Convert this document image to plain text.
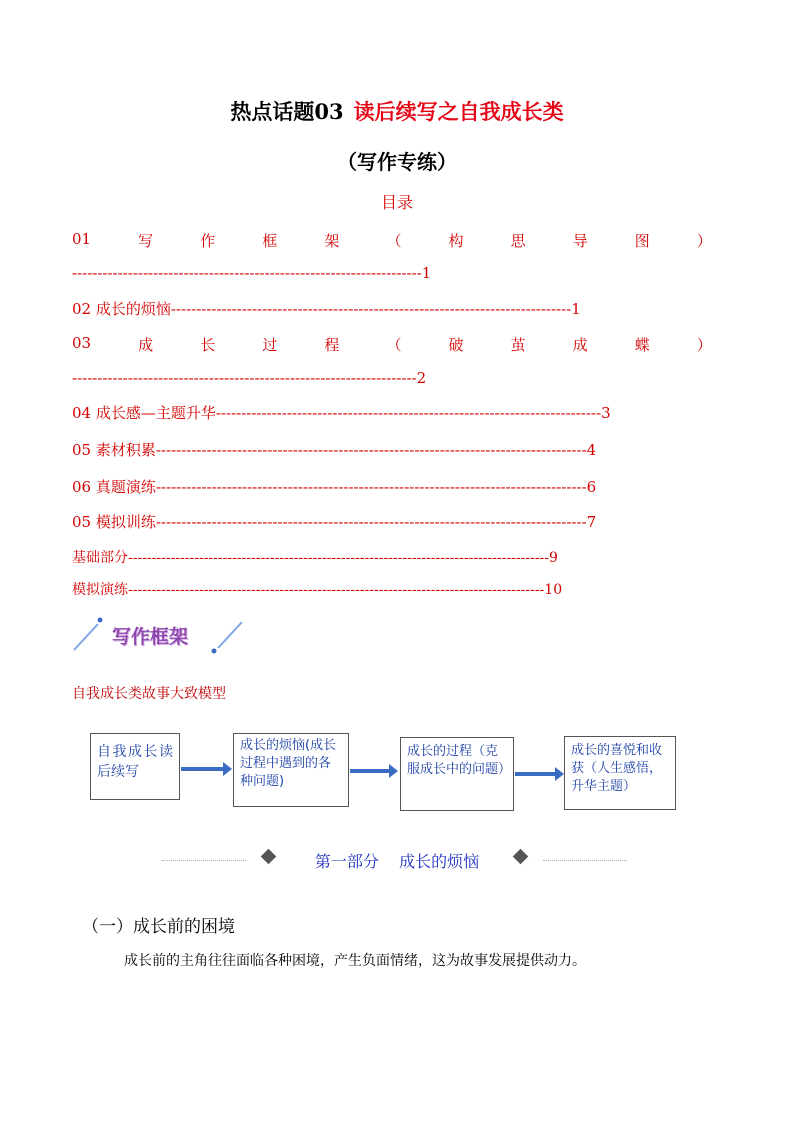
热点话题03 读后续写之自我成长类
（写作专练）
目录
01	写	作	框	架	（	构	思	导	图	）
---------------------------------------------------------------------1
02 成长的烦恼-------------------------------------------------------------------------------1
03	成	长	过	程	（	破	茧	成	蝶	）
--------------------------------------------------------------------2
04 成长感—主题升华----------------------------------------------------------------------------3
05 素材积累-------------------------------------------------------------------------------------4
06 真题演练-------------------------------------------------------------------------------------6
05 模拟训练-------------------------------------------------------------------------------------7
基础部分-----------------------------------------------------------------------------------------9
模拟演练----------------------------------------------------------------------------------------10
写作框架
自我成长类故事大致模型
自我成长读后续写
成长的烦恼(成长过程中遇到的各种问题)
成长的过程（克服成长中的问题）
成长的喜悦和收获（人生感悟，升华主题）
第一部分    成长的烦恼
（一）成长前的困境
成长前的主角往往面临各种困境，产生负面情绪，这为故事发展提供动力。
